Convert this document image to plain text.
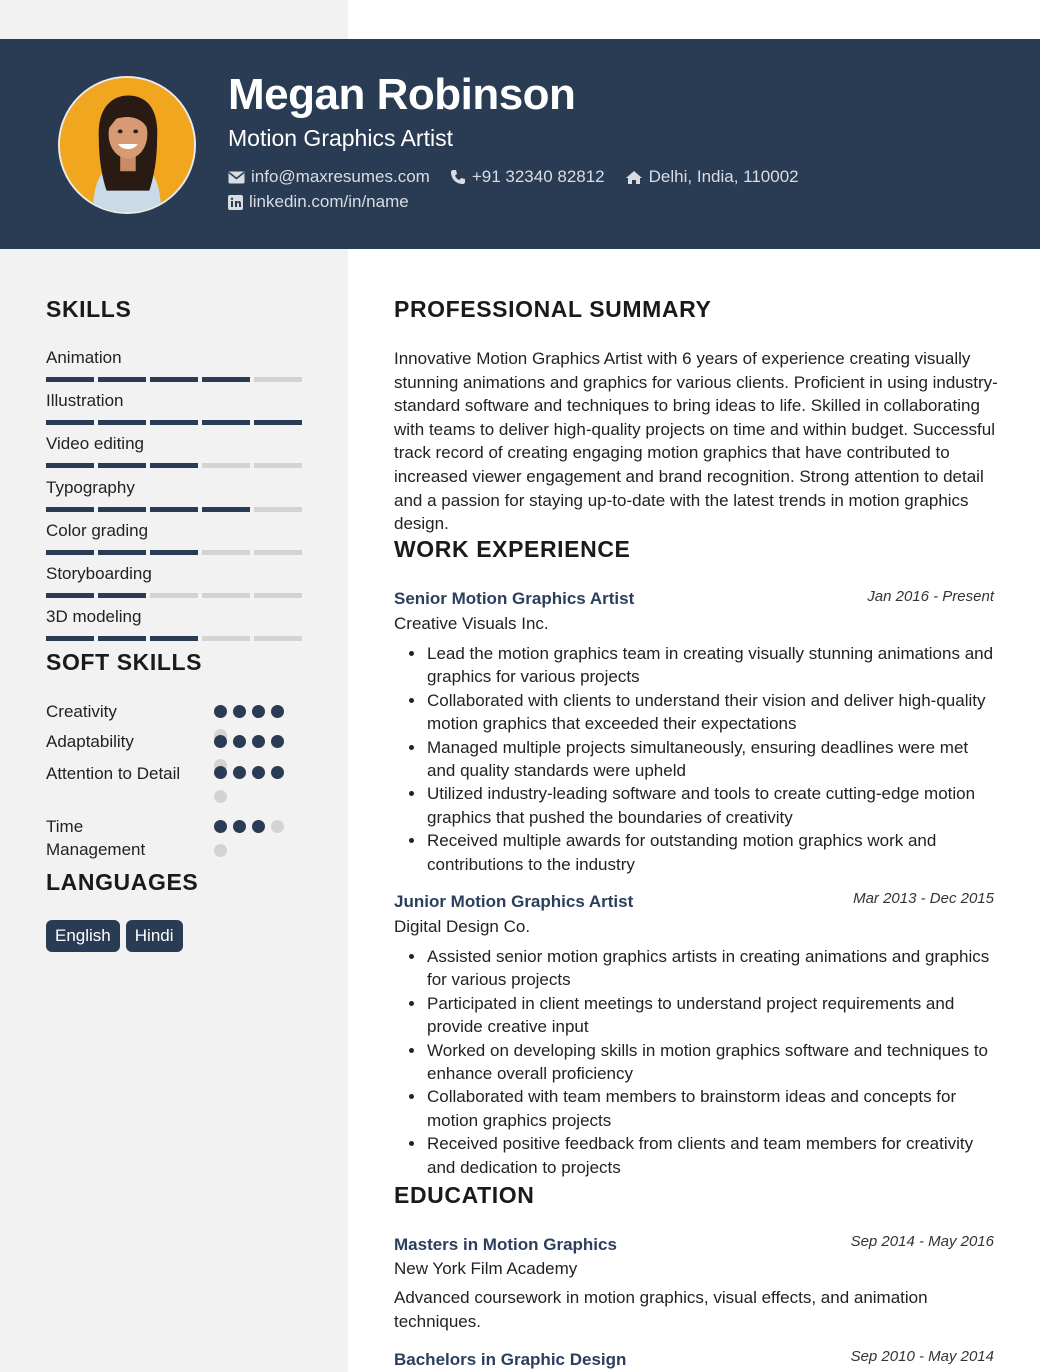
Megan Robinson
Motion Graphics Artist
info@maxresumes.com +91 32340 82812	Delhi, India, 110002
linkedin.com/in/name
SKILLS
Animation
Illustration
Video editing
Typography
Color grading
Storyboarding
3D modeling
SOFT SKILLS
Creativity
Adaptability
Attention to Detail
Time Management
LANGUAGES
English	Hindi
PROFESSIONAL SUMMARY
Innovative Motion Graphics Artist with 6 years of experience creating visually stunning animations and graphics for various clients. Proficient in using industry-standard software and techniques to bring ideas to life. Skilled in collaborating with teams to deliver high-quality projects on time and within budget. Successful track record of creating engaging motion graphics that have contributed to increased viewer engagement and brand recognition. Strong attention to detail and a passion for staying up-to-date with the latest trends in motion graphics design.
WORK EXPERIENCE
Senior Motion Graphics Artist	Jan 2016 - Present
Creative Visuals Inc.
Lead the motion graphics team in creating visually stunning animations and graphics for various projects
Collaborated with clients to understand their vision and deliver high-quality motion graphics that exceeded their expectations
Managed multiple projects simultaneously, ensuring deadlines were met and quality standards were upheld
Utilized industry-leading software and tools to create cutting-edge motion graphics that pushed the boundaries of creativity
Received multiple awards for outstanding motion graphics work and contributions to the industry
Junior Motion Graphics Artist	Mar 2013 - Dec 2015
Digital Design Co.
Assisted senior motion graphics artists in creating animations and graphics for various projects
Participated in client meetings to understand project requirements and provide creative input
Worked on developing skills in motion graphics software and techniques to enhance overall proficiency
Collaborated with team members to brainstorm ideas and concepts for motion graphics projects
Received positive feedback from clients and team members for creativity and dedication to projects
EDUCATION
Masters in Motion Graphics	Sep 2014 - May 2016
New York Film Academy
Advanced coursework in motion graphics, visual effects, and animation techniques.
Bachelors in Graphic Design	Sep 2010 - May 2014
